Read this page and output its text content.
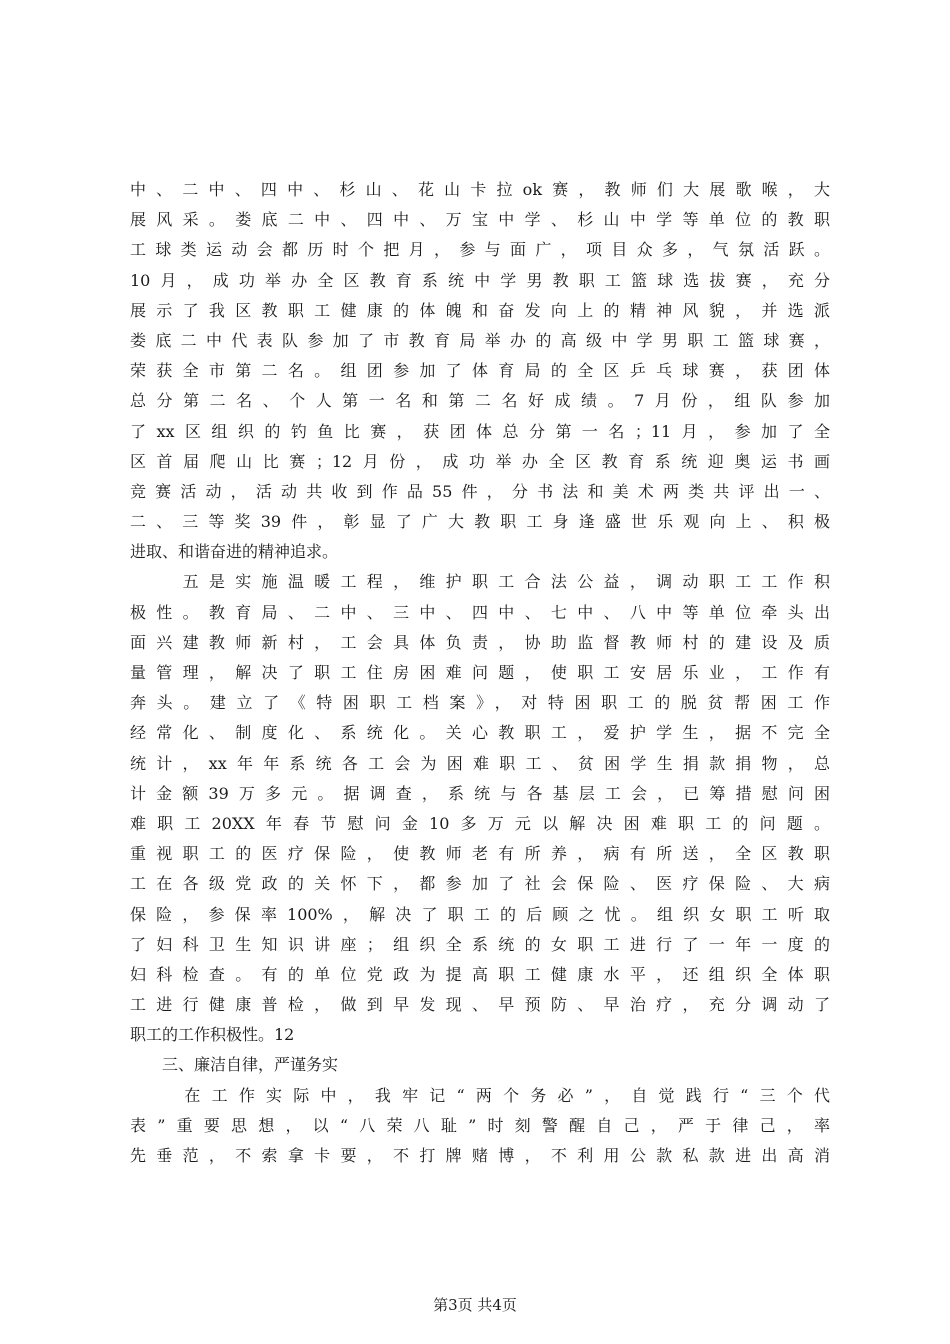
中、二中、四中、杉山、花山卡拉ok赛，教师们大展歌喉，大
展风采。娄底二中、四中、万宝中学、杉山中学等单位的教职
工球类运动会都历时个把月，参与面广，项目众多，气氛活跃。
10月，成功举办全区教育系统中学男教职工篮球选拔赛，充分
展示了我区教职工健康的体魄和奋发向上的精神风貌，并选派
娄底二中代表队参加了市教育局举办的高级中学男职工篮球赛，
荣获全市第二名。组团参加了体育局的全区乒乓球赛，获团体
总分第二名、个人第一名和第二名好成绩。7月份，组队参加
了xx区组织的钓鱼比赛，获团体总分第一名；11月，参加了全
区首届爬山比赛；12月份，成功举办全区教育系统迎奥运书画
竞赛活动，活动共收到作品55件，分书法和美术两类共评出一、
二、三等奖39件，彰显了广大教职工身逢盛世乐观向上、积极
进取、和谐奋进的精神追求。
　　五是实施温暖工程，维护职工合法公益，调动职工工作积
极性。教育局、二中、三中、四中、七中、八中等单位牵头出
面兴建教师新村，工会具体负责，协助监督教师村的建设及质
量管理，解决了职工住房困难问题，使职工安居乐业，工作有
奔头。建立了《特困职工档案》，对特困职工的脱贫帮困工作
经常化、制度化、系统化。关心教职工，爱护学生，据不完全
统计，xx年年系统各工会为困难职工、贫困学生捐款捐物，总
计金额39万多元。据调查，系统与各基层工会，已筹措慰问困
难职工20XX年春节慰问金10多万元以解决困难职工的问题。
重视职工的医疗保险，使教师老有所养，病有所送，全区教职
工在各级党政的关怀下，都参加了社会保险、医疗保险、大病
保险，参保率100%，解决了职工的后顾之忧。组织女职工听取
了妇科卫生知识讲座；组织全系统的女职工进行了一年一度的
妇科检查。有的单位党政为提高职工健康水平，还组织全体职
工进行健康普检，做到早发现、早预防、早治疗，充分调动了
职工的工作积极性。12
　　三、廉洁自律，严谨务实
　　在工作实际中，我牢记“两个务必”，自觉践行“三个代
表”重要思想，以“八荣八耻”时刻警醒自己，严于律己，率
先垂范，不索拿卡要，不打牌赌博，不利用公款私款进出高消
第3页 共4页
